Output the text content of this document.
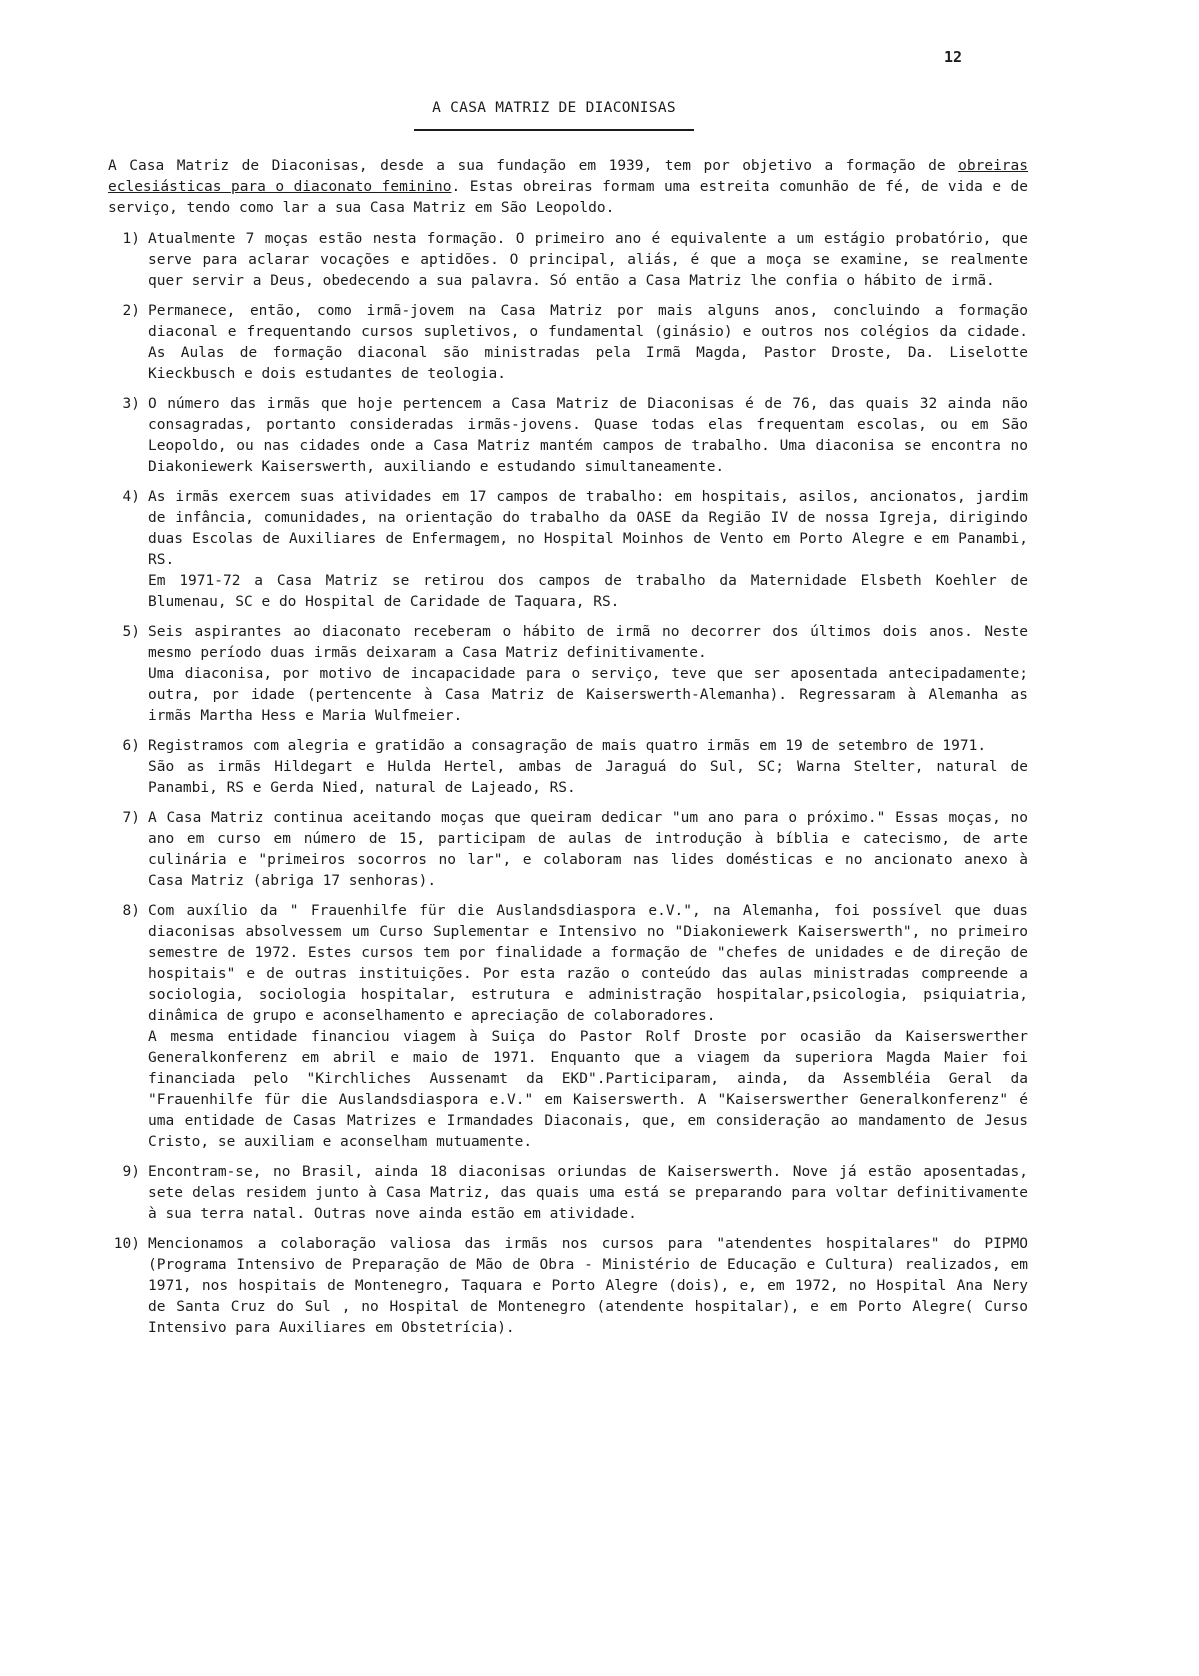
12
A CASA MATRIZ DE DIACONISAS

A Casa Matriz de Diaconisas, desde a sua fundação em 1939, tem por objetivo a formação de obreiras eclesiásticas para o diaconato feminino. Estas obreiras formam uma estreita comunhão de fé, de vida e de serviço, tendo como lar a sua Casa Matriz em São Leopoldo.

1) Atualmente 7 moças estão nesta formação. O primeiro ano é equivalente a um estágio probatório, que serve para aclarar vocações e aptidões. O principal, aliás, é que a moça se examine, se realmente quer servir a Deus, obedecendo a sua palavra. Só então a Casa Matriz lhe confia o hábito de irmã.

2) Permanece, então, como irmã-jovem na Casa Matriz por mais alguns anos, concluindo a formação diaconal e frequentando cursos supletivos, o fundamental (ginásio) e outros nos colégios da cidade. As Aulas de formação diaconal são ministradas pela Irmã Magda, Pastor Droste, Da. Liselotte Kieckbusch e dois estudantes de teologia.

3) O número das irmãs que hoje pertencem a Casa Matriz de Diaconisas é de 76, das quais 32 ainda não consagradas, portanto consideradas irmãs-jovens. Quase todas elas frequentam escolas, ou em São Leopoldo, ou nas cidades onde a Casa Matriz mantém campos de trabalho. Uma diaconisa se encontra no Diakoniewerk Kaiserswerth, auxiliando e estudando simultaneamente.

4) As irmãs exercem suas atividades em 17 campos de trabalho: em hospitais, asilos, ancionatos, jardim de infância, comunidades, na orientação do trabalho da OASE da Região IV de nossa Igreja, dirigindo duas Escolas de Auxiliares de Enfermagem, no Hospital Moinhos de Vento em Porto Alegre e em Panambi, RS.

Em 1971-72 a Casa Matriz se retirou dos campos de trabalho da Maternidade Elsbeth Koehler de Blumenau, SC e do Hospital de Caridade de Taquara, RS.

5) Seis aspirantes ao diaconato receberam o hábito de irmã no decorrer dos últimos dois anos. Neste mesmo período duas irmãs deixaram a Casa Matriz definitivamente.

Uma diaconisa, por motivo de incapacidade para o serviço, teve que ser aposentada antecipadamente; outra, por idade (pertencente à Casa Matriz de Kaiserswerth-Alemanha). Regressaram à Alemanha as irmãs Martha Hess e Maria Wulfmeier.

6) Registramos com alegria e gratidão a consagração de mais quatro irmãs em 19 de setembro de 1971.

São as irmãs Hildegart e Hulda Hertel, ambas de Jaraguá do Sul, SC; Warna Stelter, natural de Panambi, RS e Gerda Nied, natural de Lajeado, RS.

7) A Casa Matriz continua aceitando moças que queiram dedicar "um ano para o próximo." Essas moças, no ano em curso em número de 15, participam de aulas de introdução à bíblia e catecismo, de arte culinária e "primeiros socorros no lar", e colaboram nas lides domésticas e no ancionato anexo à Casa Matriz (abriga 17 senhoras).

8) Com auxílio da " Frauenhilfe für die Auslandsdiaspora e.V.", na Alemanha, foi possível que duas diaconisas absolvessem um Curso Suplementar e Intensivo no "Diakoniewerk Kaiserswerth", no primeiro semestre de 1972. Estes cursos tem por finalidade a formação de "chefes de unidades e de direção de hospitais" e de outras instituições. Por esta razão o conteúdo das aulas ministradas compreende a sociologia, sociologia hospitalar, estrutura e administração hospitalar,psicologia, psiquiatria, dinâmica de grupo e aconselhamento e apreciação de colaboradores.

A mesma entidade financiou viagem à Suiça do Pastor Rolf Droste por ocasião da Kaiserswerther Generalkonferenz em abril e maio de 1971. Enquanto que a viagem da superiora Magda Maier foi financiada pelo "Kirchliches Aussenamt da EKD".Participaram, ainda, da Assembléia Geral da "Frauenhilfe für die Auslandsdiaspora e.V." em Kaiserswerth. A "Kaiserswerther Generalkonferenz" é uma entidade de Casas Matrizes e Irmandades Diaconais, que, em consideração ao mandamento de Jesus Cristo, se auxiliam e aconselham mutuamente.

9) Encontram-se, no Brasil, ainda 18 diaconisas oriundas de Kaiserswerth. Nove já estão aposentadas, sete delas residem junto à Casa Matriz, das quais uma está se preparando para voltar definitivamente à sua terra natal. Outras nove ainda estão em atividade.

10) Mencionamos a colaboração valiosa das irmãs nos cursos para "atendentes hospitalares" do PIPMO (Programa Intensivo de Preparação de Mão de Obra - Ministério de Educação e Cultura) realizados, em 1971, nos hospitais de Montenegro, Taquara e Porto Alegre (dois), e, em 1972, no Hospital Ana Nery de Santa Cruz do Sul , no Hospital de Montenegro (atendente hospitalar), e em Porto Alegre( Curso Intensivo para Auxiliares em Obstetrícia).
